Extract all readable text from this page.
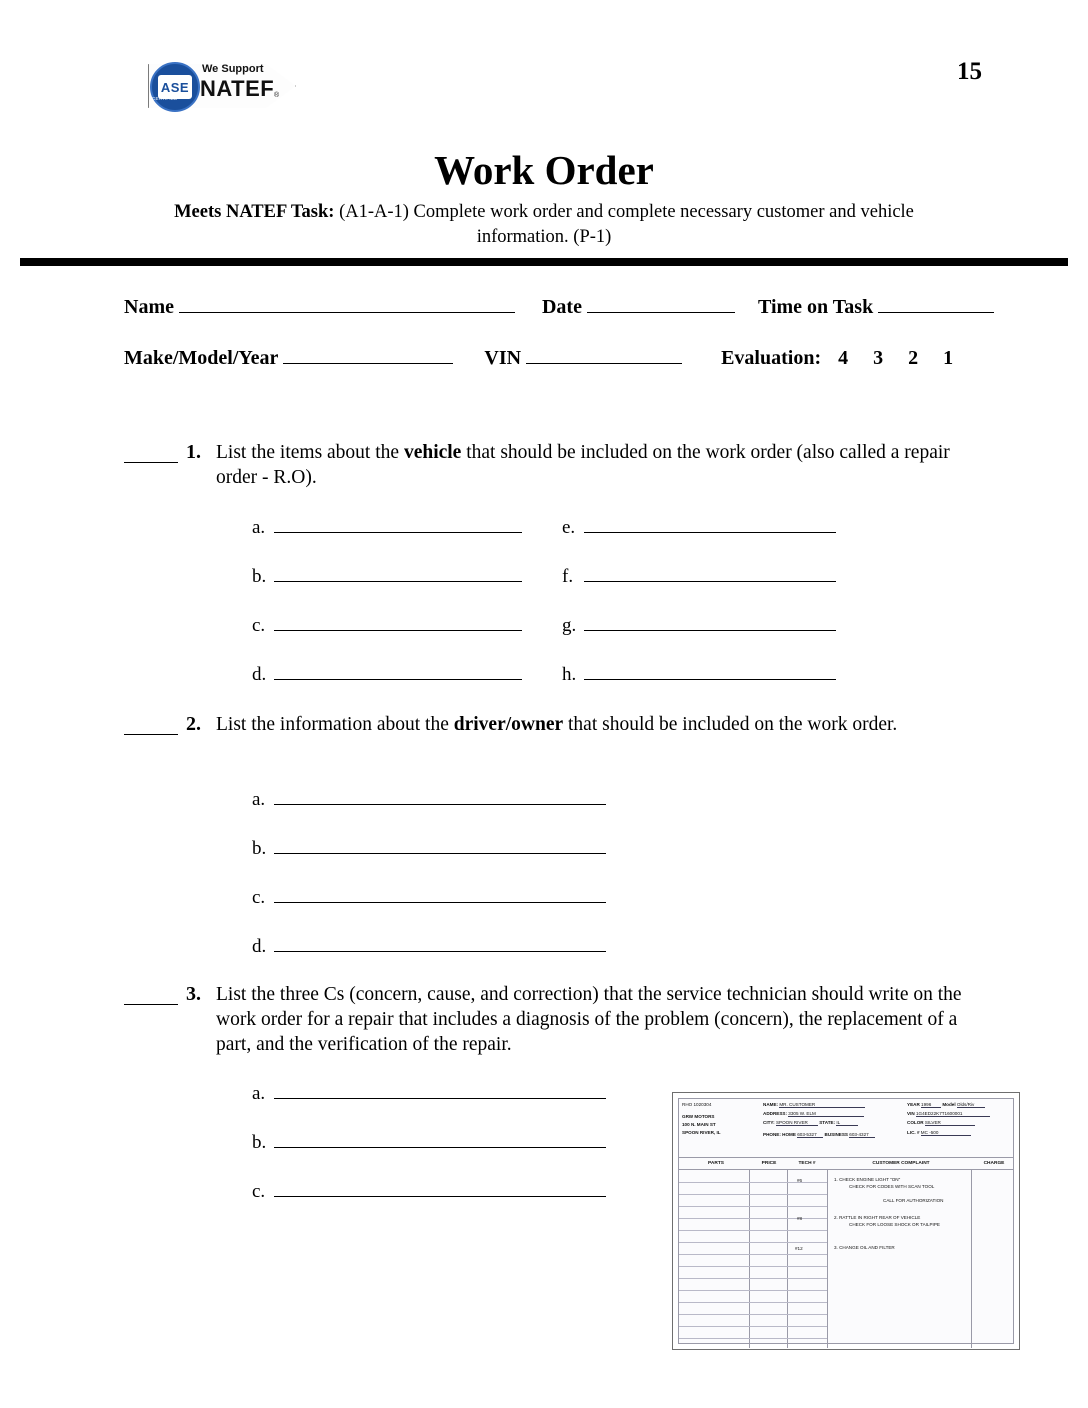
ASE
CERTIFIED
We Support
NATEF ®
15
Work Order
Meets NATEF Task: (A1-A-1) Complete work order and complete necessary customer and vehicle information. (P-1)
Name	Date	Time on Task
Make/Model/Year	VIN	Evaluation: 4 3 2 1
1. List the items about the vehicle that should be included on the work order (also called a repair order - R.O).
a.
b.
c.
d.
e.
f.
g.
h.
2. List the information about the driver/owner that should be included on the work order.
a.
b.
c.
d.
3. List the three Cs (concern, cause, and correction) that the service technician should write on the work order for a repair that includes a diagnosis of the problem (concern), the replacement of a part, and the verification of the repair.
a.
b.
c.
RHO 1020304
GRW MOTORS
100 N. MAIN ST
SPOON RIVER, IL
NAME: MR. CUSTOMER
ADDRESS: 3305 W. ELM
CITY: SPOON RIVER STATE: IL
PHONE: HOME 603-5327 BUSINESS 603-4327
YEAR 1996 Model Olds/Riv
VIN 1G4ED22K7T1600001
COLOR SILVER
LIC. # MC -500
PARTS	PRICE	TECH #	CUSTOMER COMPLAINT	CHARGE
#6	1. CHECK ENGINE LIGHT "ON"
CHECK FOR CODES WITH SCAN TOOL
CALL FOR AUTHORIZATION
#8	2. RATTLE IN RIGHT REAR OF VEHICLE
CHECK FOR LOOSE SHOCK OR TAILPIPE
#12	3. CHANGE OIL AND FILTER
